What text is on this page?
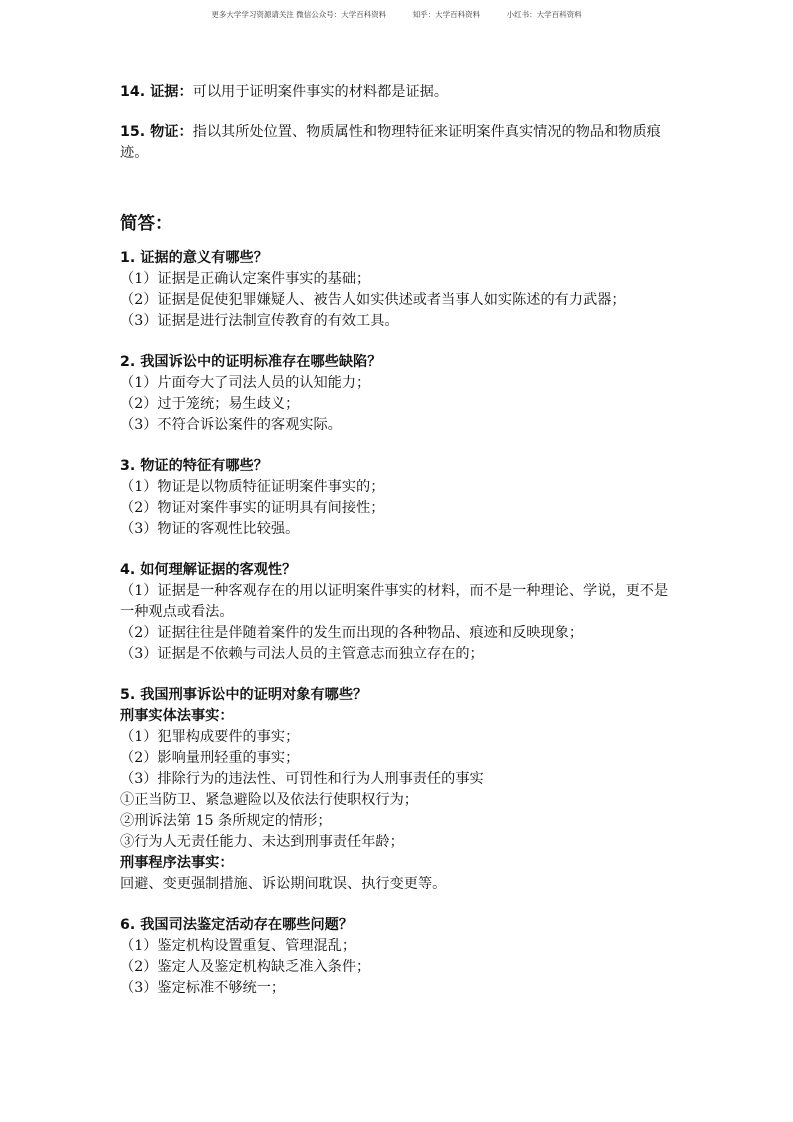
更多大学学习资源请关注 微信公众号：大学百科资料	知乎：大学百科资料	小红书：大学百科资料
14. 证据：可以用于证明案件事实的材料都是证据。
15. 物证：指以其所处位置、物质属性和物理特征来证明案件真实情况的物品和物质痕迹。
简答：
1. 证据的意义有哪些？
（1）证据是正确认定案件事实的基础；
（2）证据是促使犯罪嫌疑人、被告人如实供述或者当事人如实陈述的有力武器；
（3）证据是进行法制宣传教育的有效工具。
2. 我国诉讼中的证明标准存在哪些缺陷？
（1）片面夸大了司法人员的认知能力；
（2）过于笼统；易生歧义；
（3）不符合诉讼案件的客观实际。
3. 物证的特征有哪些？
（1）物证是以物质特征证明案件事实的；
（2）物证对案件事实的证明具有间接性；
（3）物证的客观性比较强。
4. 如何理解证据的客观性？
（1）证据是一种客观存在的用以证明案件事实的材料，而不是一种理论、学说，更不是一种观点或看法。
（2）证据往往是伴随着案件的发生而出现的各种物品、痕迹和反映现象；
（3）证据是不依赖与司法人员的主管意志而独立存在的；
5. 我国刑事诉讼中的证明对象有哪些？
刑事实体法事实：
（1）犯罪构成要件的事实；
（2）影响量刑轻重的事实；
（3）排除行为的违法性、可罚性和行为人刑事责任的事实
①正当防卫、紧急避险以及依法行使职权行为；
②刑诉法第 15 条所规定的情形；
③行为人无责任能力、未达到刑事责任年龄；
刑事程序法事实：
回避、变更强制措施、诉讼期间耽误、执行变更等。
6. 我国司法鉴定活动存在哪些问题？
（1）鉴定机构设置重复、管理混乱；
（2）鉴定人及鉴定机构缺乏准入条件；
（3）鉴定标准不够统一；
